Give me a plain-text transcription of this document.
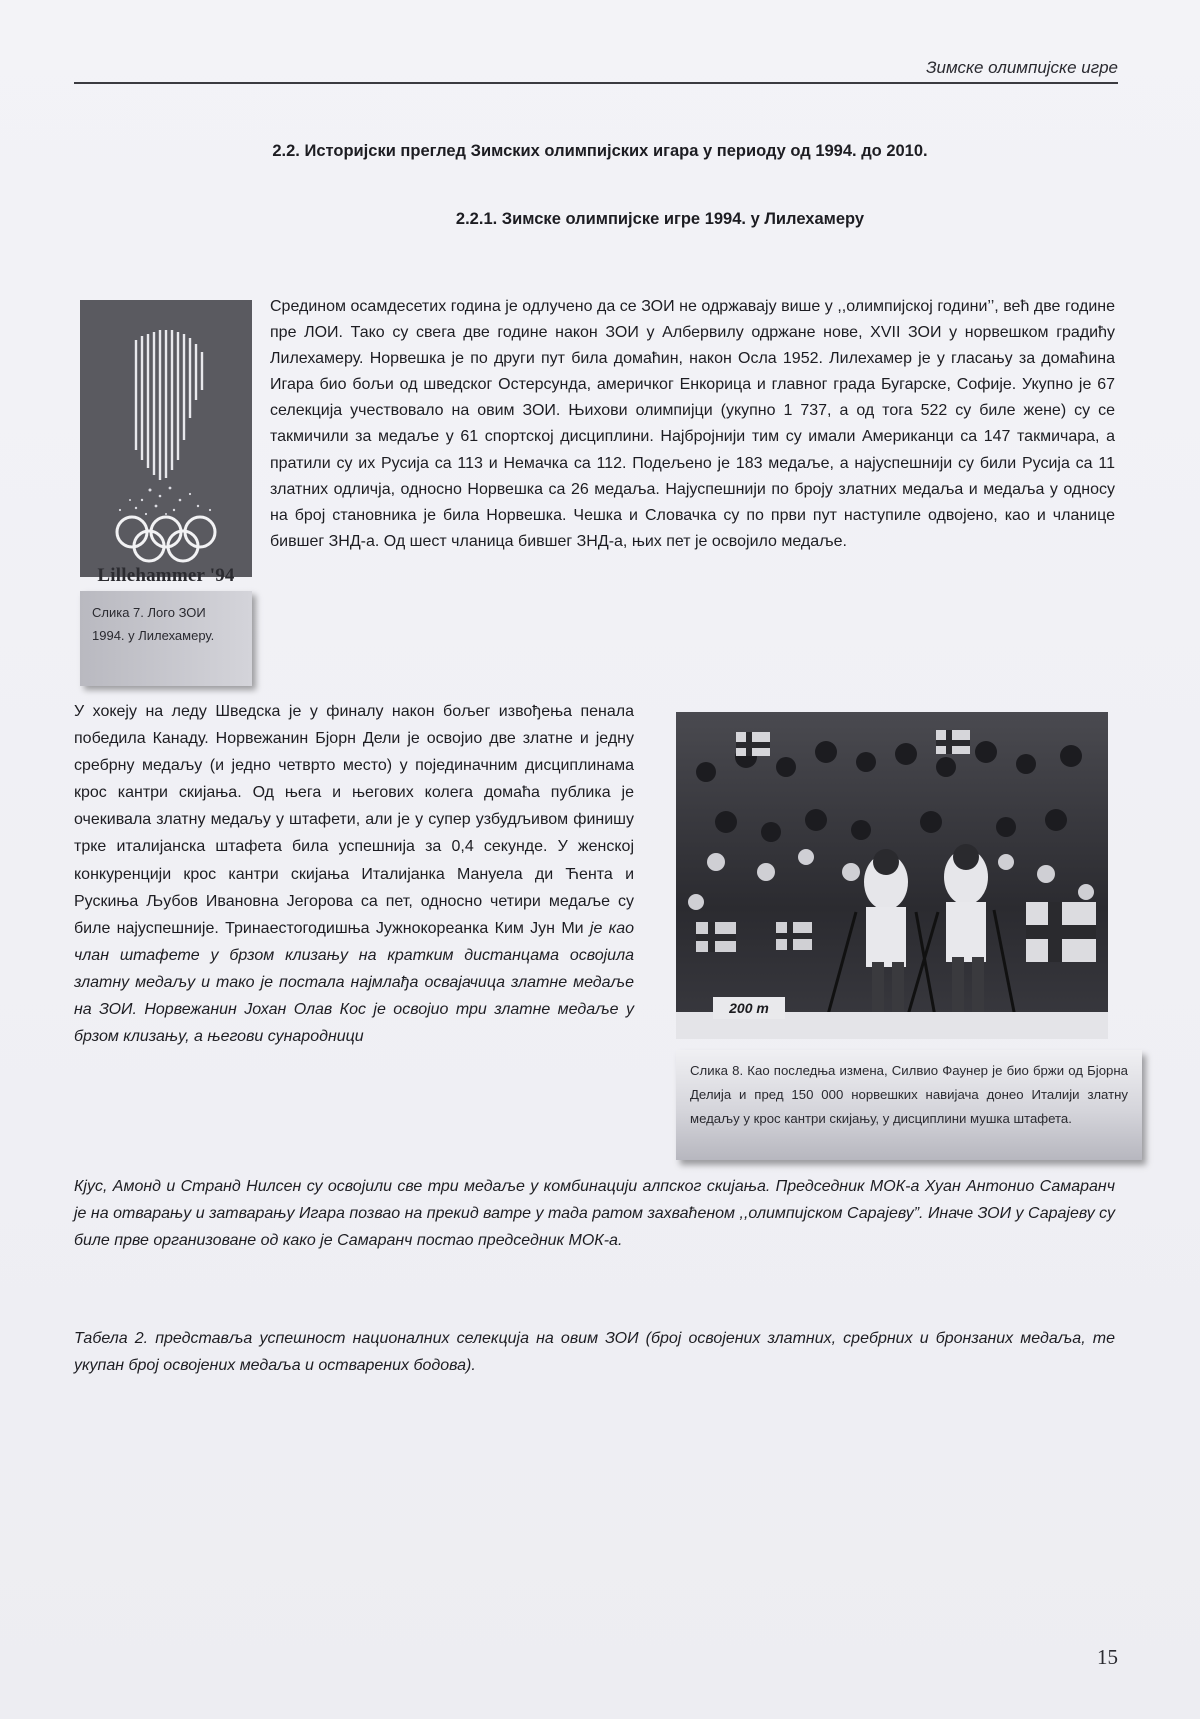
Зимске олимпијске игре
2.2. Историјски преглед Зимских олимпијских игара у периоду од 1994. до 2010.
2.2.1. Зимске олимпијске игре 1994. у Лилехамеру
Lillehammer '94
Слика 7. Лого ЗОИ 1994. у Лилехамеру.
Средином осамдесетих година је одлучено да се ЗОИ не одржавају више у ,,олимпијској години’’, већ две године пре ЛОИ. Тако су свега две године након ЗОИ у Албервилу одржане нове, XVII ЗОИ у норвешком градићу Лилехамеру. Норвешка је по други пут била домаћин, након Осла 1952. Лилехамер је у гласању за домаћина Игара био бољи од шведског Остерсунда, америчког Енкорица и главног града Бугарске, Софије. Укупно је 67 селекција учествовало на овим ЗОИ. Њихови олимпијци (укупно 1 737, а од тога 522 су биле жене) су се такмичили за медаље у 61 спортској дисциплини. Најбројнији тим су имали Американци са 147 такмичара, а пратили су их Русија са 113 и Немачка са 112. Подељено је 183 медаље, а најуспешнији су били Русија са 11 златних одличја, односно Норвешка са 26 медаља. Најуспешнији по броју златних медаља и медаља у односу на број становника је била Норвешка. Чешка и Словачка су по први пут наступиле одвојено, као и чланице бившег ЗНД-а. Од шест чланица бившег ЗНД-а, њих пет је освојило медаље.
У хокеју на леду Шведска је у финалу након бољег извођења пенала победила Канаду. Норвежанин Бјорн Дели је освојио две златне и једну сребрну медаљу (и једно четврто место) у појединачним дисциплинама крос кантри скијања. Од њега и његових колега домаћа публика је очекивала златну медаљу у штафети, али је у супер узбудљивом финишу трке италијанска штафета била успешнија за 0,4 секунде. У женској конкуренцији крос кантри скијања Италијанка Мануела ди Ћента и Рускиња Љубов Ивановна Јегорова са пет, односно четири медаље су биле најуспешније. Тринаестогодишња Јужнокореанка Ким Јун Ми је као члан штафете у брзом клизању на кратким дистанцама освојила златну медаљу и тако је постала најмлађа освајачица златне медаље на ЗОИ. Норвежанин Јохан Олав Кос је освојио три златне медаље у брзом клизању, а његови сународници
200 m
Слика 8. Као последња измена, Силвио Фаунер је био бржи од Бјорна Делија и пред 150 000 норвешких навијача донео Италији златну медаљу у крос кантри скијању, у дисциплини мушка штафета.
Кјус, Амонд и Странд Нилсен су освојили све три медаље у комбинацији алпског скијања. Председник МОК-а Хуан Антонио Самаранч је на отварању и затварању Игара позвао на прекид ватре у тада ратом захваћеном ,,олимпијском Сарајеву”. Иначе ЗОИ у Сарајеву су биле прве организоване од како је Самаранч постао председник МОК-а.
Табела 2. представља успешност националних селекција на овим ЗОИ (број освојених златних, сребрних и бронзаних медаља, те укупан број освојених медаља и остварених бодова).
15
